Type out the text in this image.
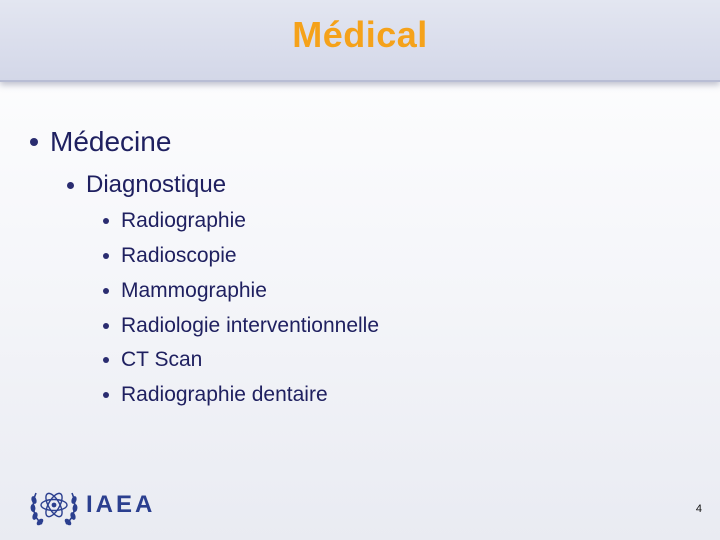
Médical
Médecine
Diagnostique
Radiographie
Radioscopie
Mammographie
Radiologie interventionnelle
CT Scan
Radiographie dentaire
IAEA	4
